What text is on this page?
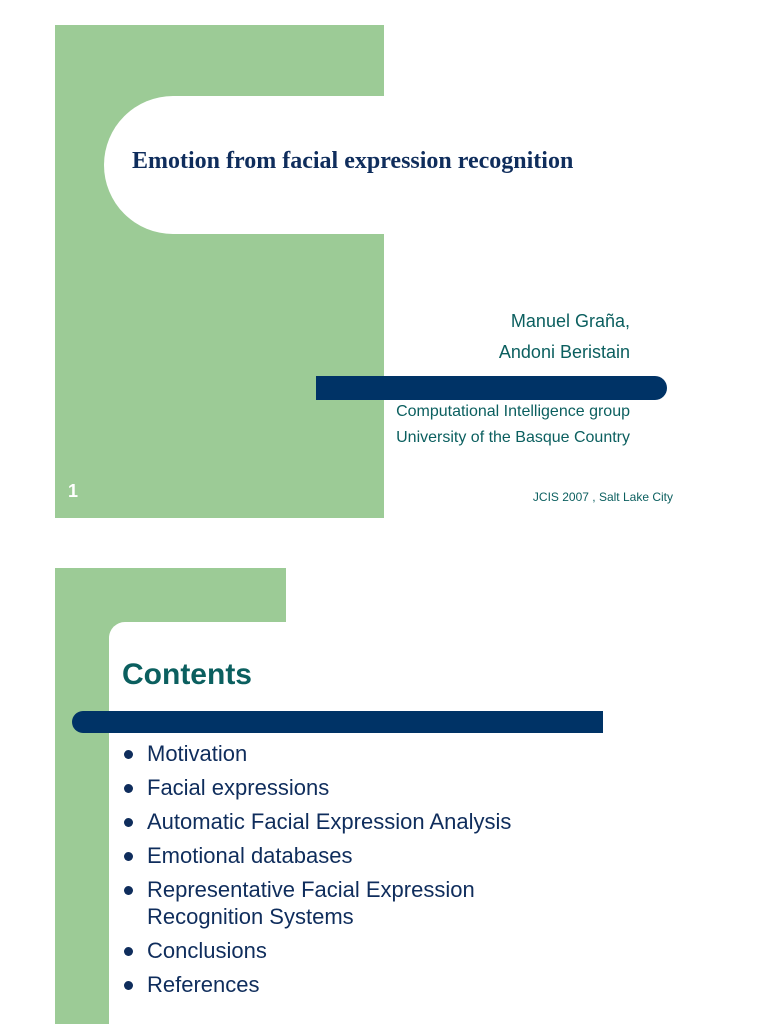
Emotion from facial expression recognition
Manuel Graña,
Andoni Beristain
Computational Intelligence group
University of the Basque Country
1	JCIS 2007 , Salt Lake City
Contents
Motivation
Facial expressions
Automatic Facial Expression Analysis
Emotional databases
Representative Facial Expression Recognition Systems
Conclusions
References
